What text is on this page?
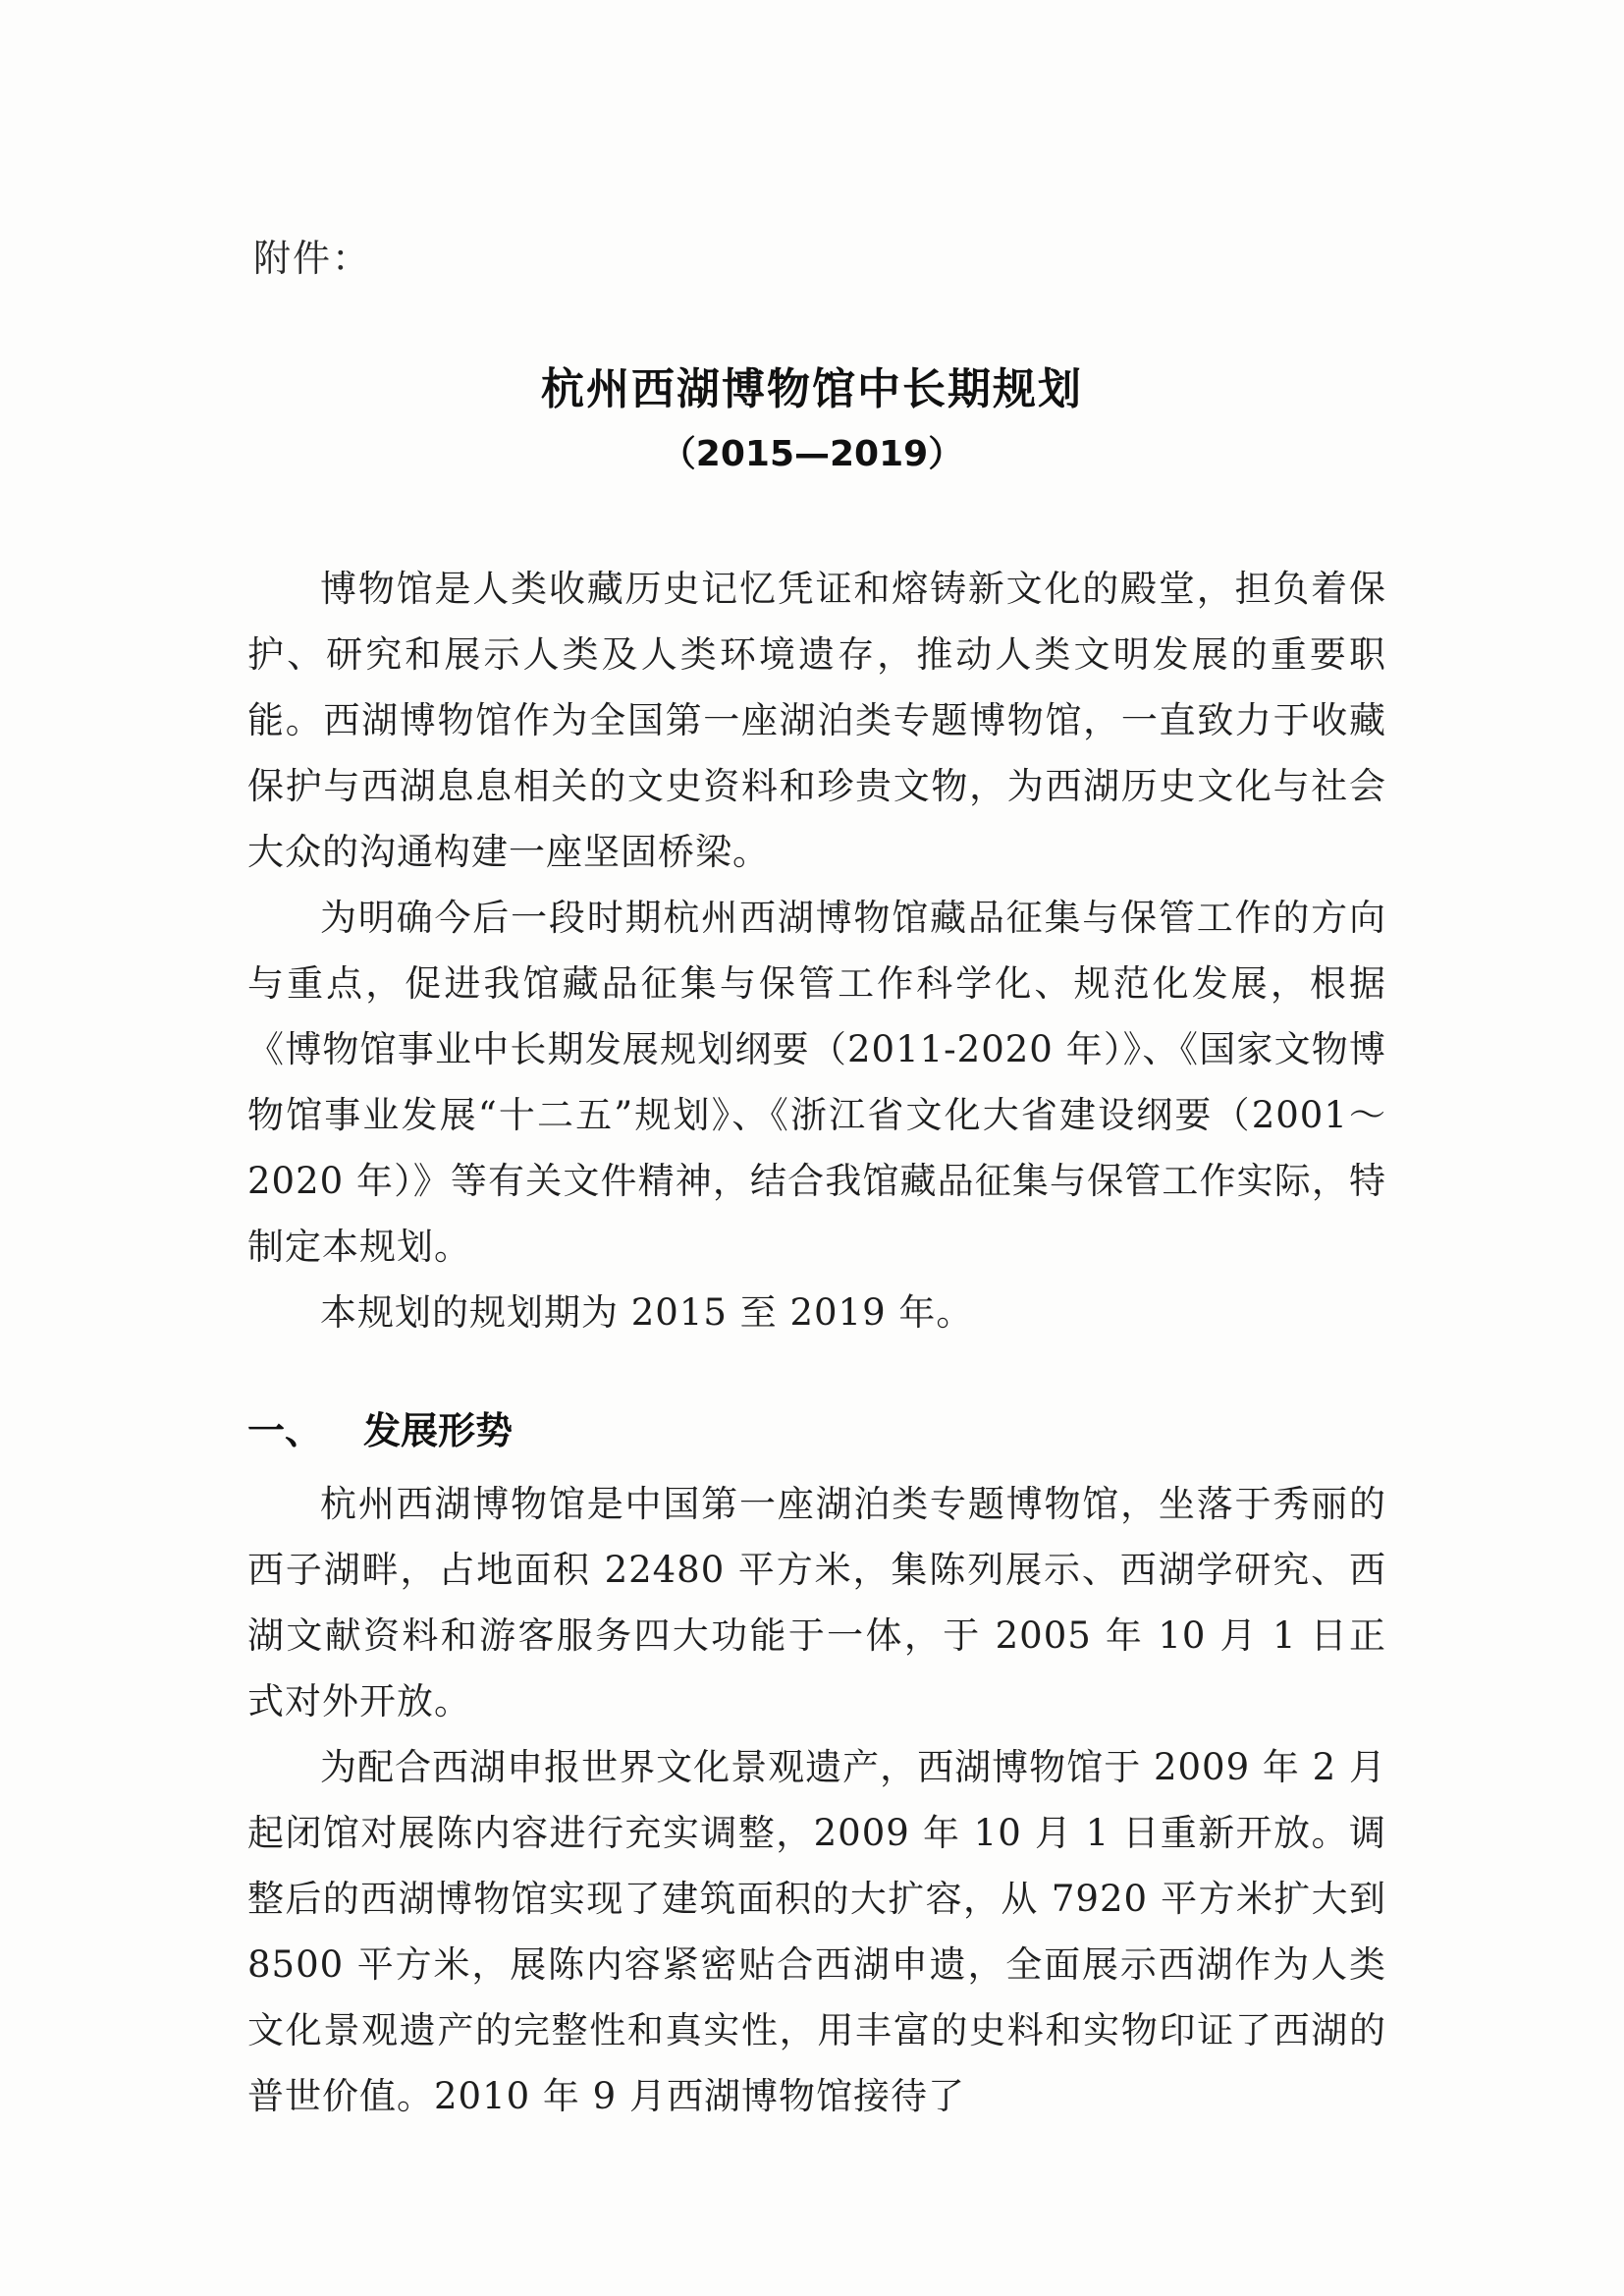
附件：
杭州西湖博物馆中长期规划
（2015—2019）

博物馆是人类收藏历史记忆凭证和熔铸新文化的殿堂，担负着保护、研究和展示人类及人类环境遗存，推动人类文明发展的重要职能。西湖博物馆作为全国第一座湖泊类专题博物馆，一直致力于收藏保护与西湖息息相关的文史资料和珍贵文物，为西湖历史文化与社会大众的沟通构建一座坚固桥梁。

为明确今后一段时期杭州西湖博物馆藏品征集与保管工作的方向与重点，促进我馆藏品征集与保管工作科学化、规范化发展，根据《博物馆事业中长期发展规划纲要（2011-2020 年）》、《国家文物博物馆事业发展“十二五”规划》、《浙江省文化大省建设纲要（2001～2020 年）》等有关文件精神，结合我馆藏品征集与保管工作实际，特制定本规划。

本规划的规划期为 2015 至 2019 年。

一、 发展形势

杭州西湖博物馆是中国第一座湖泊类专题博物馆，坐落于秀丽的西子湖畔，占地面积 22480 平方米，集陈列展示、西湖学研究、西湖文献资料和游客服务四大功能于一体，于 2005 年 10 月 1 日正式对外开放。

为配合西湖申报世界文化景观遗产，西湖博物馆于 2009 年 2 月起闭馆对展陈内容进行充实调整，2009 年 10 月 1 日重新开放。调整后的西湖博物馆实现了建筑面积的大扩容，从 7920 平方米扩大到 8500 平方米，展陈内容紧密贴合西湖申遗，全面展示西湖作为人类文化景观遗产的完整性和真实性，用丰富的史料和实物印证了西湖的普世价值。2010 年 9 月西湖博物馆接待了
